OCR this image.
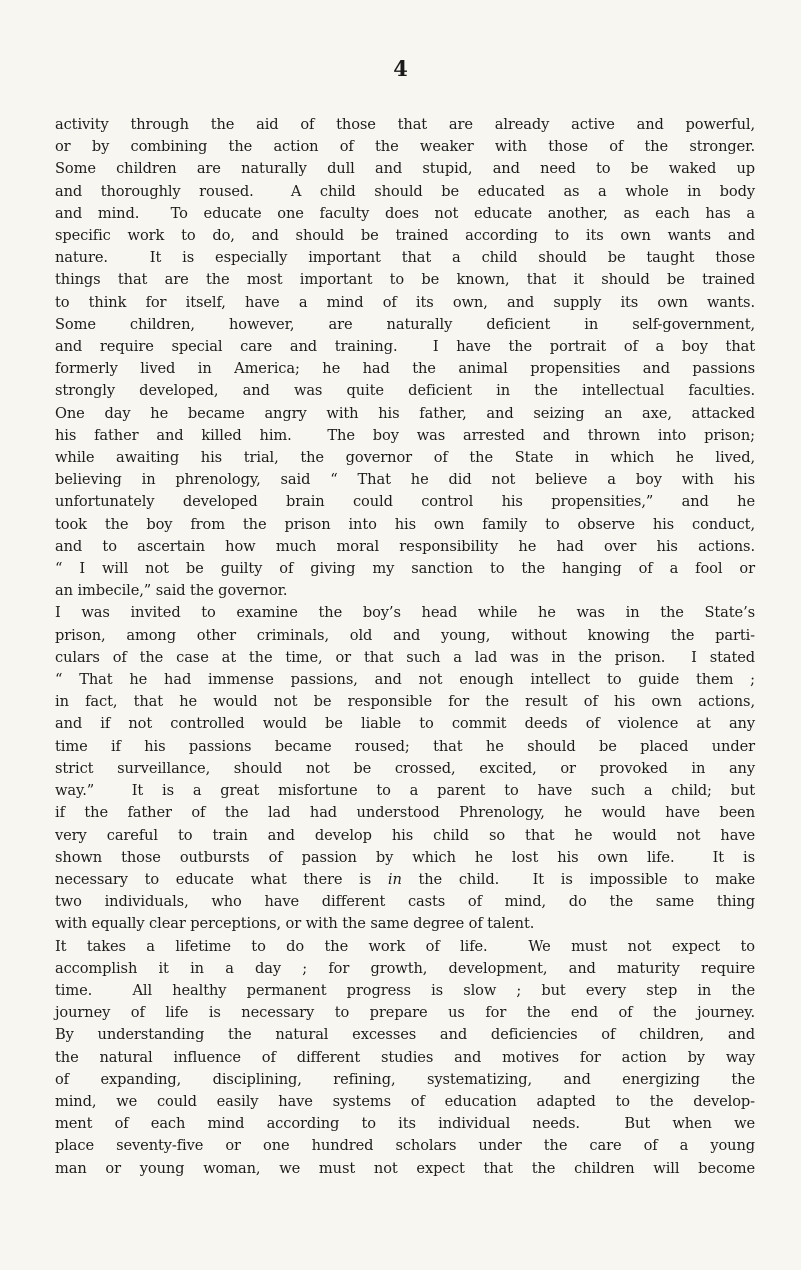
4
activity through the aid of those that are already active and powerful,
or by combining the action of the weaker with those of the stronger.
Some children are naturally dull and stupid, and need to be waked up
and thoroughly roused.  A child should be educated as a whole in body
and mind.  To educate one faculty does not educate another, as each has a
specific work to do, and should be trained according to its own wants and
nature.  It is especially important that a child should be taught those
things that are the most important to be known, that it should be trained
to think for itself, have a mind of its own, and supply its own wants.
Some children, however, are naturally deficient in self-government,
and require special care and training.  I have the portrait of a boy that
formerly lived in America; he had the animal propensities and passions
strongly developed, and was quite deficient in the intellectual faculties.
One day he became angry with his father, and seizing an axe, attacked
his father and killed him.  The boy was arrested and thrown into prison;
while awaiting his trial, the governor of the State in which he lived,
believing in phrenology, said “ That he did not believe a boy with his
unfortunately developed brain could control his propensities,” and he
took the boy from the prison into his own family to observe his conduct,
and to ascertain how much moral responsibility he had over his actions.
“ I will not be guilty of giving my sanction to the hanging of a fool or
an imbecile,” said the governor.
I was invited to examine the boy’s head while he was in the State’s
prison, among other criminals, old and young, without knowing the parti-
culars of the case at the time, or that such a lad was in the prison.  I stated
“ That he had immense passions, and not enough intellect to guide them ;
in fact, that he would not be responsible for the result of his own actions,
and if not controlled would be liable to commit deeds of violence at any
time if his passions became roused; that he should be placed under
strict surveillance, should not be crossed, excited, or provoked in any
way.”  It is a great misfortune to a parent to have such a child; but
if the father of the lad had understood Phrenology, he would have been
very careful to train and develop his child so that he would not have
shown those outbursts of passion by which he lost his own life.  It is
necessary to educate what there is in the child.  It is impossible to make
two individuals, who have different casts of mind, do the same thing
with equally clear perceptions, or with the same degree of talent.
It takes a lifetime to do the work of life.  We must not expect to
accomplish it in a day ; for growth, development, and maturity require
time.  All healthy permanent progress is slow ; but every step in the
journey of life is necessary to prepare us for the end of the journey.
By understanding the natural excesses and deficiencies of children, and
the natural influence of different studies and motives for action by way
of expanding, disciplining, refining, systematizing, and energizing the
mind, we could easily have systems of education adapted to the develop-
ment of each mind according to its individual needs.  But when we
place seventy-five or one hundred scholars under the care of a young
man or young woman, we must not expect that the children will become
